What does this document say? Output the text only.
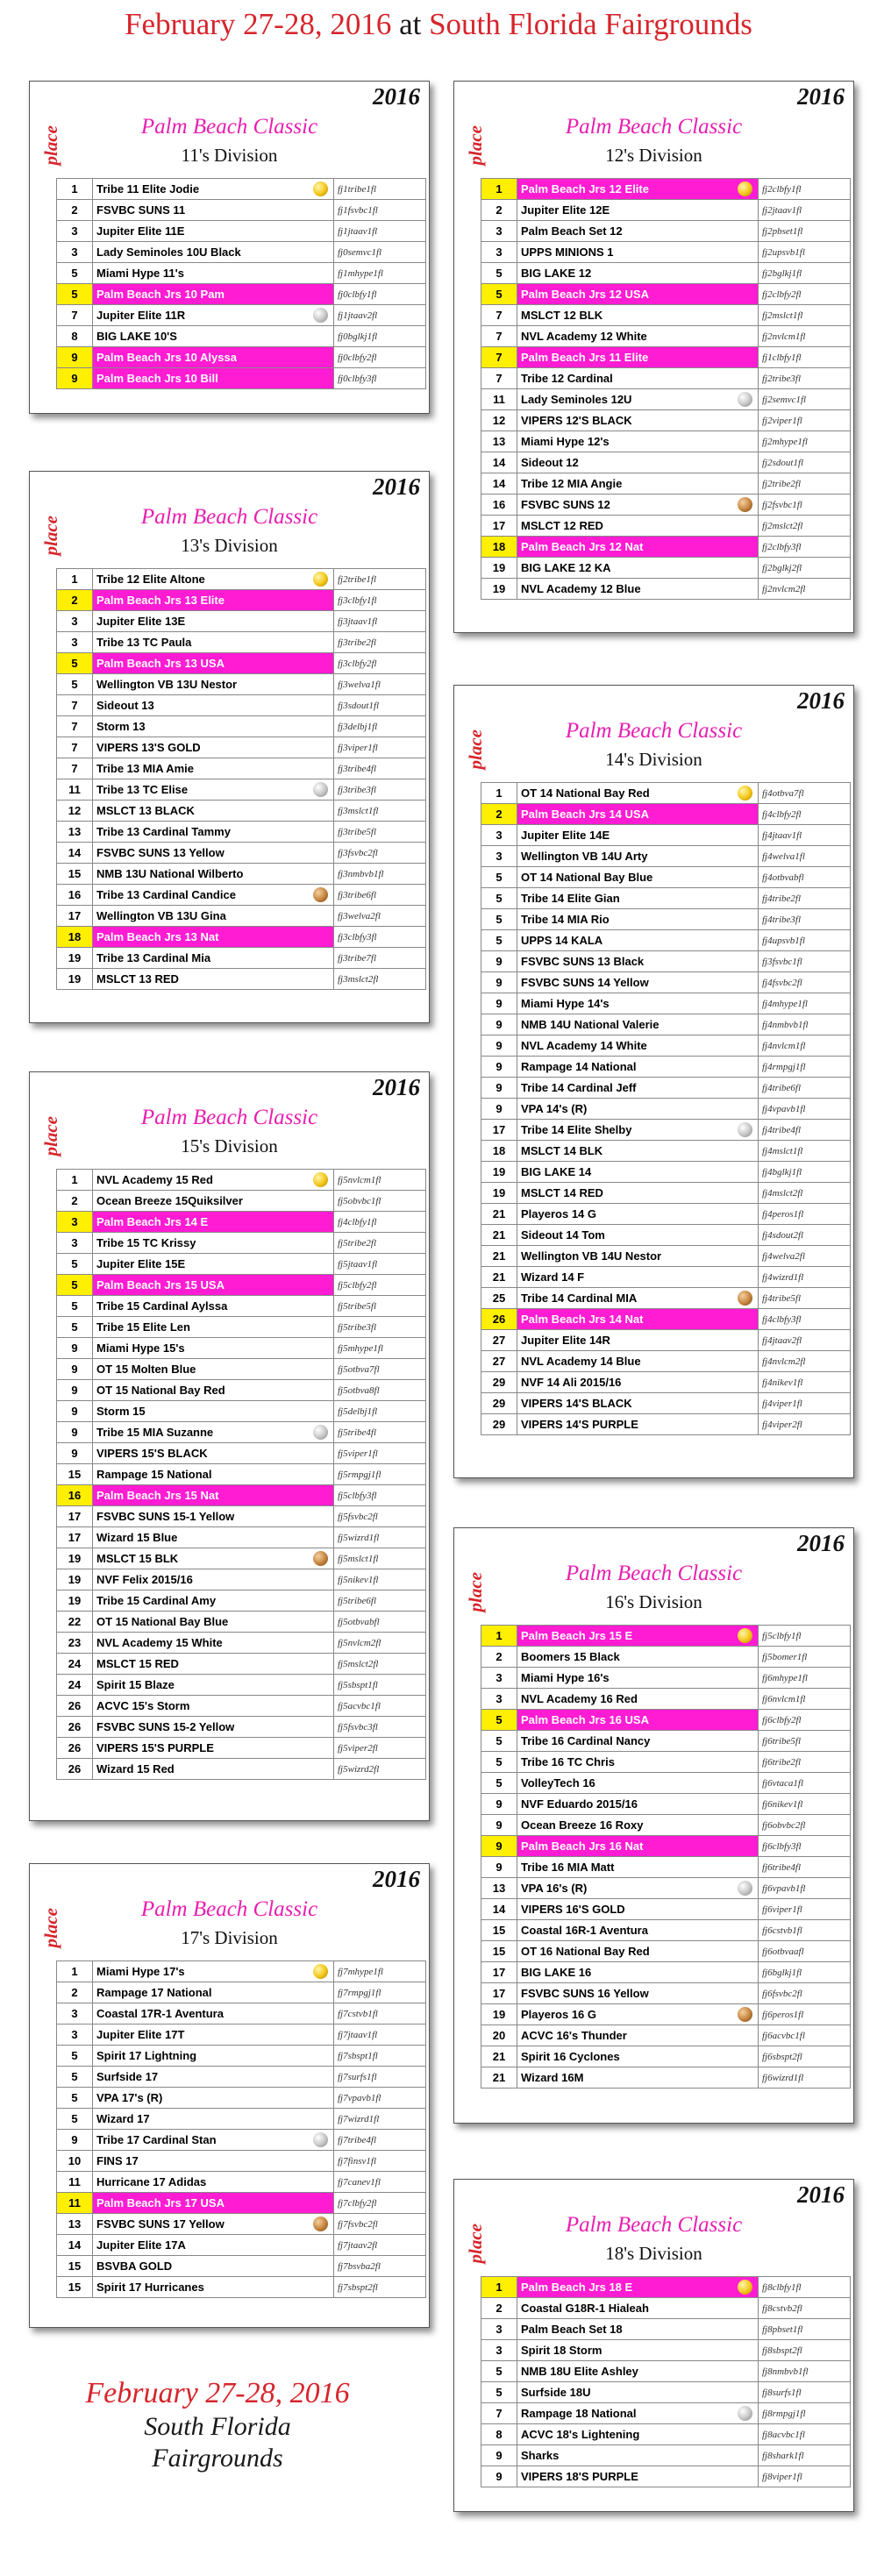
February 27-28, 2016 at South Florida Fairgrounds
2016
place	Palm Beach Classic
11's Division
1	Tribe 11 Elite Jodie	fj1tribe1fl
2	FSVBC SUNS 11	fj1fsvbc1fl
3	Jupiter Elite 11E	fj1jtaav1fl
3	Lady Seminoles 10U Black	fj0semvc1fl
5	Miami Hype 11's	fj1mhype1fl
5	Palm Beach Jrs 10 Pam	fj0clbfy1fl
7	Jupiter Elite 11R	fj1jtaav2fl
8	BIG LAKE 10'S	fj0bglkj1fl
9	Palm Beach Jrs 10 Alyssa	fj0clbfy2fl
9	Palm Beach Jrs 10 Bill	fj0clbfy3fl
2016
place	Palm Beach Classic
12's Division
1	Palm Beach Jrs 12 Elite	fj2clbfy1fl
2	Jupiter Elite 12E	fj2jtaav1fl
3	Palm Beach Set 12	fj2pbset1fl
3	UPPS MINIONS 1	fj2upsvb1fl
5	BIG LAKE 12	fj2bglkj1fl
5	Palm Beach Jrs 12 USA	fj2clbfy2fl
7	MSLCT 12 BLK	fj2mslct1fl
7	NVL Academy 12 White	fj2nvlcm1fl
7	Palm Beach Jrs 11 Elite	fj1clbfy1fl
7	Tribe 12 Cardinal	fj2tribe3fl
11	Lady Seminoles 12U	fj2semvc1fl
12	VIPERS 12'S BLACK	fj2viper1fl
13	Miami Hype 12's	fj2mhype1fl
14	Sideout 12	fj2sdout1fl
14	Tribe 12 MIA Angie	fj2tribe2fl
16	FSVBC SUNS 12	fj2fsvbc1fl
17	MSLCT 12 RED	fj2mslct2fl
18	Palm Beach Jrs 12 Nat	fj2clbfy3fl
19	BIG LAKE 12 KA	fj2bglkj2fl
19	NVL Academy 12 Blue	fj2nvlcm2fl
2016
place	Palm Beach Classic
13's Division
1	Tribe 12 Elite Altone	fj2tribe1fl
2	Palm Beach Jrs 13 Elite	fj3clbfy1fl
3	Jupiter Elite 13E	fj3jtaav1fl
3	Tribe 13 TC Paula	fj3tribe2fl
5	Palm Beach Jrs 13 USA	fj3clbfy2fl
5	Wellington VB 13U Nestor	fj3welva1fl
7	Sideout 13	fj3sdout1fl
7	Storm 13	fj3delbj1fl
7	VIPERS 13'S GOLD	fj3viper1fl
7	Tribe 13 MIA Amie	fj3tribe4fl
11	Tribe 13 TC Elise	fj3tribe3fl
12	MSLCT 13 BLACK	fj3mslct1fl
13	Tribe 13 Cardinal Tammy	fj3tribe5fl
14	FSVBC SUNS 13 Yellow	fj3fsvbc2fl
15	NMB 13U National Wilberto	fj3nmbvb1fl
16	Tribe 13 Cardinal Candice	fj3tribe6fl
17	Wellington VB 13U Gina	fj3welva2fl
18	Palm Beach Jrs 13 Nat	fj3clbfy3fl
19	Tribe 13 Cardinal Mia	fj3tribe7fl
19	MSLCT 13 RED	fj3mslct2fl
2016
place	Palm Beach Classic
14's Division
1	OT 14 National Bay Red	fj4otbva7fl
2	Palm Beach Jrs 14 USA	fj4clbfy2fl
3	Jupiter Elite 14E	fj4jtaav1fl
3	Wellington VB 14U Arty	fj4welva1fl
5	OT 14 National Bay Blue	fj4otbvabfl
5	Tribe 14 Elite Gian	fj4tribe2fl
5	Tribe 14 MIA Rio	fj4tribe3fl
5	UPPS 14 KALA	fj4upsvb1fl
9	FSVBC SUNS 13 Black	fj3fsvbc1fl
9	FSVBC SUNS 14 Yellow	fj4fsvbc2fl
9	Miami Hype 14's	fj4mhype1fl
9	NMB 14U National Valerie	fj4nmbvb1fl
9	NVL Academy 14 White	fj4nvlcm1fl
9	Rampage 14 National	fj4rmpgj1fl
9	Tribe 14 Cardinal Jeff	fj4tribe6fl
9	VPA 14's (R)	fj4vpavb1fl
17	Tribe 14 Elite Shelby	fj4tribe4fl
18	MSLCT 14 BLK	fj4mslct1fl
19	BIG LAKE 14	fj4bglkj1fl
19	MSLCT 14 RED	fj4mslct2fl
21	Playeros 14 G	fj4peros1fl
21	Sideout 14 Tom	fj4sdout2fl
21	Wellington VB 14U Nestor	fj4welva2fl
21	Wizard 14 F	fj4wizrd1fl
25	Tribe 14 Cardinal MIA	fj4tribe5fl
26	Palm Beach Jrs 14 Nat	fj4clbfy3fl
27	Jupiter Elite 14R	fj4jtaav2fl
27	NVL Academy 14 Blue	fj4nvlcm2fl
29	NVF 14 Ali 2015/16	fj4nikev1fl
29	VIPERS 14'S BLACK	fj4viper1fl
29	VIPERS 14'S PURPLE	fj4viper2fl
2016
place	Palm Beach Classic
15's Division
1	NVL Academy 15 Red	fj5nvlcm1fl
2	Ocean Breeze 15Quiksilver	fj5obvbc1fl
3	Palm Beach Jrs 14 E	fj4clbfy1fl
3	Tribe 15 TC Krissy	fj5tribe2fl
5	Jupiter Elite 15E	fj5jtaav1fl
5	Palm Beach Jrs 15 USA	fj5clbfy2fl
5	Tribe 15 Cardinal Aylssa	fj5tribe5fl
5	Tribe 15 Elite Len	fj5tribe3fl
9	Miami Hype 15's	fj5mhype1fl
9	OT 15 Molten Blue	fj5otbva7fl
9	OT 15 National Bay Red	fj5otbva8fl
9	Storm 15	fj5delbj1fl
9	Tribe 15 MIA Suzanne	fj5tribe4fl
9	VIPERS 15'S BLACK	fj5viper1fl
15	Rampage 15 National	fj5rmpgj1fl
16	Palm Beach Jrs 15 Nat	fj5clbfy3fl
17	FSVBC SUNS 15-1 Yellow	fj5fsvbc2fl
17	Wizard 15 Blue	fj5wizrd1fl
19	MSLCT 15 BLK	fj5mslct1fl
19	NVF Felix 2015/16	fj5nikev1fl
19	Tribe 15 Cardinal Amy	fj5tribe6fl
22	OT 15 National Bay Blue	fj5otbvabfl
23	NVL Academy 15 White	fj5nvlcm2fl
24	MSLCT 15 RED	fj5mslct2fl
24	Spirit 15 Blaze	fj5sbspt1fl
26	ACVC 15's Storm	fj5acvbc1fl
26	FSVBC SUNS 15-2 Yellow	fj5fsvbc3fl
26	VIPERS 15'S PURPLE	fj5viper2fl
26	Wizard 15 Red	fj5wizrd2fl
2016
place	Palm Beach Classic
16's Division
1	Palm Beach Jrs 15 E	fj5clbfy1fl
2	Boomers 15 Black	fj5bomer1fl
3	Miami Hype 16's	fj6mhype1fl
3	NVL Academy 16 Red	fj6nvlcm1fl
5	Palm Beach Jrs 16 USA	fj6clbfy2fl
5	Tribe 16 Cardinal Nancy	fj6tribe5fl
5	Tribe 16 TC Chris	fj6tribe2fl
5	VolleyTech 16	fj6vtaca1fl
9	NVF Eduardo 2015/16	fj6nikev1fl
9	Ocean Breeze 16 Roxy	fj6obvbc2fl
9	Palm Beach Jrs 16 Nat	fj6clbfy3fl
9	Tribe 16 MIA Matt	fj6tribe4fl
13	VPA 16's (R)	fj6vpavb1fl
14	VIPERS 16'S GOLD	fj6viper1fl
15	Coastal 16R-1 Aventura	fj6cstvb1fl
15	OT 16 National Bay Red	fj6otbvaafl
17	BIG LAKE 16	fj6bglkj1fl
17	FSVBC SUNS 16 Yellow	fj6fsvbc2fl
19	Playeros 16 G	fj6peros1fl
20	ACVC 16's Thunder	fj6acvbc1fl
21	Spirit 16 Cyclones	fj6sbspt2fl
21	Wizard 16M	fj6wizrd1fl
2016
place	Palm Beach Classic
17's Division
1	Miami Hype 17's	fj7mhype1fl
2	Rampage 17 National	fj7rmpgj1fl
3	Coastal 17R-1 Aventura	fj7cstvb1fl
3	Jupiter Elite 17T	fj7jtaav1fl
5	Spirit 17 Lightning	fj7sbspt1fl
5	Surfside 17	fj7surfs1fl
5	VPA 17's (R)	fj7vpavb1fl
5	Wizard 17	fj7wizrd1fl
9	Tribe 17 Cardinal Stan	fj7tribe4fl
10	FINS 17	fj7finsv1fl
11	Hurricane 17 Adidas	fj7canev1fl
11	Palm Beach Jrs 17 USA	fj7clbfy2fl
13	FSVBC SUNS 17 Yellow	fj7fsvbc2fl
14	Jupiter Elite 17A	fj7jtaav2fl
15	BSVBA GOLD	fj7bsvba2fl
15	Spirit 17 Hurricanes	fj7sbspt2fl
2016
place	Palm Beach Classic
18's Division
1	Palm Beach Jrs 18 E	fj8clbfy1fl
2	Coastal G18R-1 Hialeah	fj8cstvb2fl
3	Palm Beach Set 18	fj8pbset1fl
3	Spirit 18 Storm	fj8sbspt2fl
5	NMB 18U Elite Ashley	fj8nmbvb1fl
5	Surfside 18U	fj8surfs1fl
7	Rampage 18 National	fj8rmpgj1fl
8	ACVC 18's Lightening	fj8acvbc1fl
9	Sharks	fj8shark1fl
9	VIPERS 18'S PURPLE	fj8viper1fl
February 27-28, 2016
South Florida
Fairgrounds
